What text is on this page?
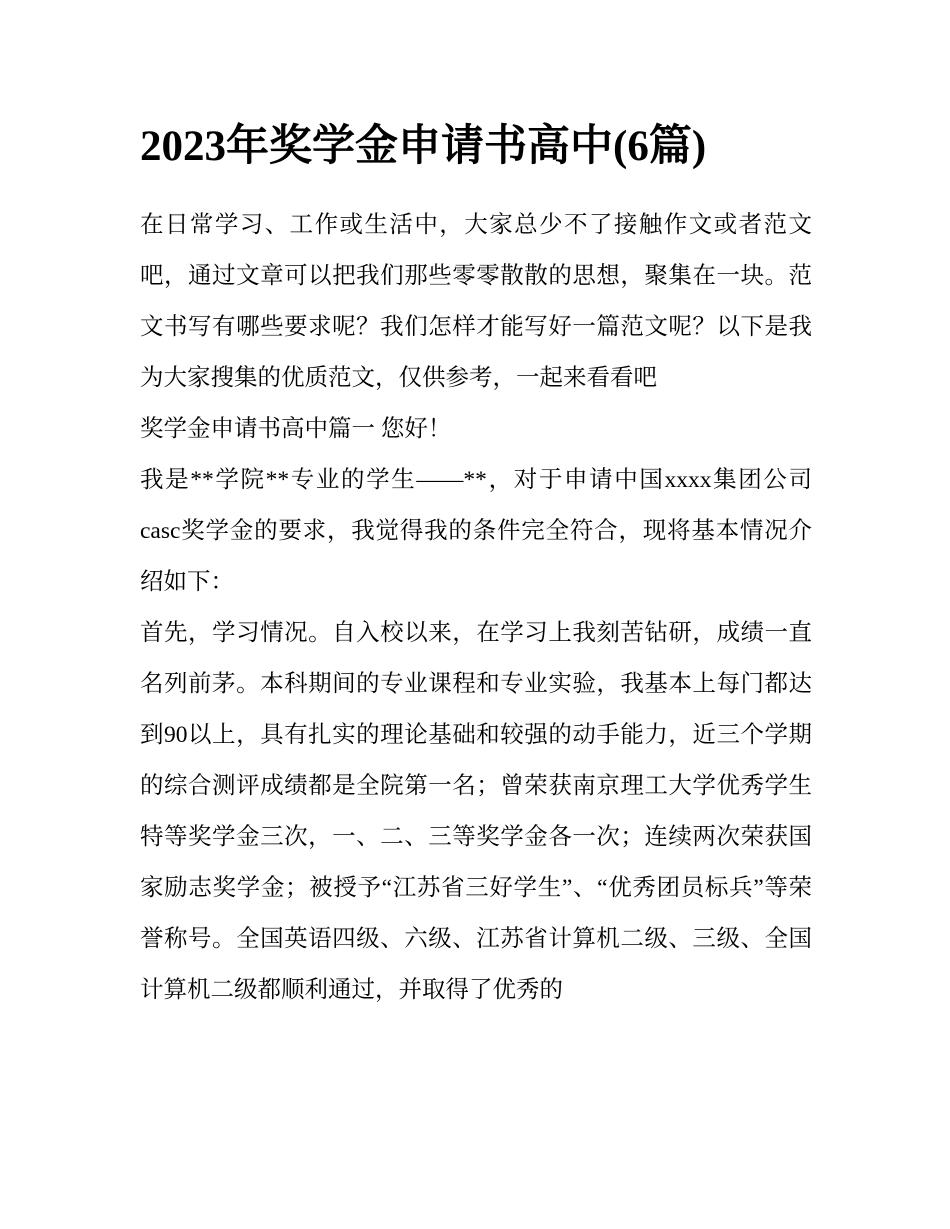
2023年奖学金申请书高中(6篇)

在日常学习、工作或生活中，大家总少不了接触作文或者范文吧，通过文章可以把我们那些零零散散的思想，聚集在一块。范文书写有哪些要求呢？我们怎样才能写好一篇范文呢？以下是我为大家搜集的优质范文，仅供参考，一起来看看吧

奖学金申请书高中篇一 您好！

我是**学院**专业的学生——**，对于申请中国xxxx集团公司casc奖学金的要求，我觉得我的条件完全符合，现将基本情况介绍如下：

首先，学习情况。自入校以来，在学习上我刻苦钻研，成绩一直名列前茅。本科期间的专业课程和专业实验，我基本上每门都达到90以上，具有扎实的理论基础和较强的动手能力，近三个学期的综合测评成绩都是全院第一名；曾荣获南京理工大学优秀学生特等奖学金三次，一、二、三等奖学金各一次；连续两次荣获国家励志奖学金；被授予“江苏省三好学生”、“优秀团员标兵”等荣誉称号。全国英语四级、六级、江苏省计算机二级、三级、全国计算机二级都顺利通过，并取得了优秀的
